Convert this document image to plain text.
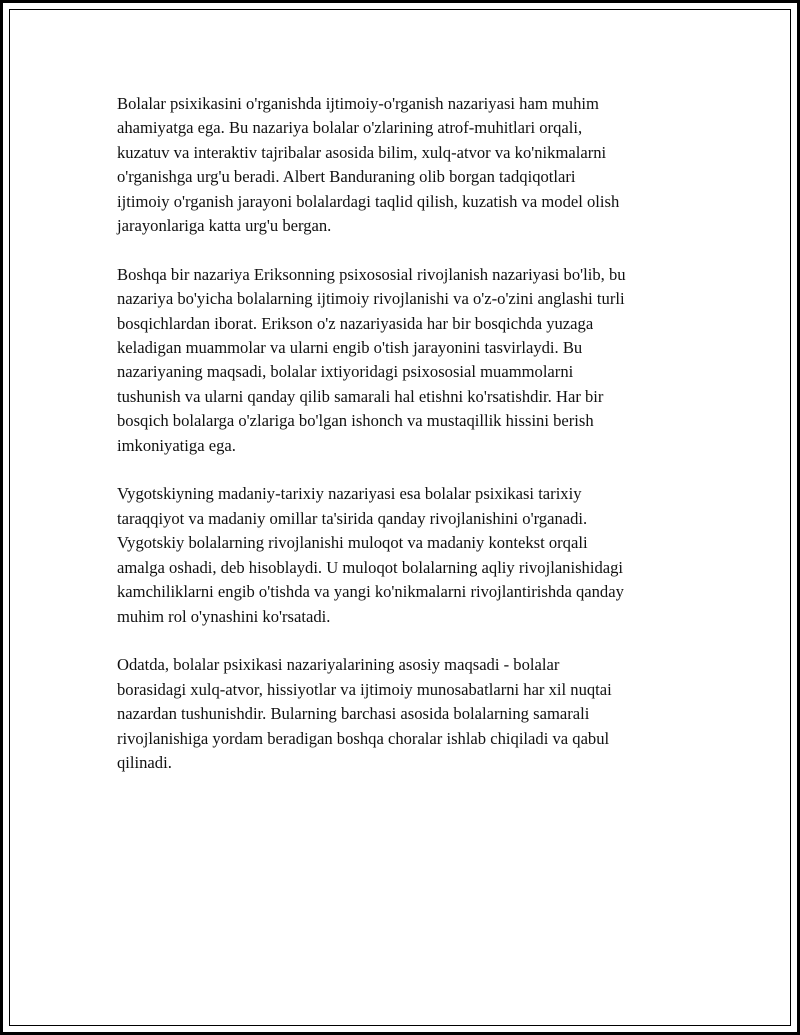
Bolalar psixikasini o'rganishda ijtimoiy-o'rganish nazariyasi ham muhim
ahamiyatga ega. Bu nazariya bolalar o'zlarining atrof-muhitlari orqali,
kuzatuv va interaktiv tajribalar asosida bilim, xulq-atvor va ko'nikmalarni
o'rganishga urg'u beradi. Albert Banduraning olib borgan tadqiqotlari
ijtimoiy o'rganish jarayoni bolalardagi taqlid qilish, kuzatish va model olish
jarayonlariga katta urg'u bergan.

Boshqa bir nazariya Eriksonning psixososial rivojlanish nazariyasi bo'lib, bu
nazariya bo'yicha bolalarning ijtimoiy rivojlanishi va o'z-o'zini anglashi turli
bosqichlardan iborat. Erikson o'z nazariyasida har bir bosqichda yuzaga
keladigan muammolar va ularni engib o'tish jarayonini tasvirlaydi. Bu
nazariyaning maqsadi, bolalar ixtiyoridagi psixososial muammolarni
tushunish va ularni qanday qilib samarali hal etishni ko'rsatishdir. Har bir
bosqich bolalarga o'zlariga bo'lgan ishonch va mustaqillik hissini berish
imkoniyatiga ega.

Vygotskiyning madaniy-tarixiy nazariyasi esa bolalar psixikasi tarixiy
taraqqiyot va madaniy omillar ta'sirida qanday rivojlanishini o'rganadi.
Vygotskiy bolalarning rivojlanishi muloqot va madaniy kontekst orqali
amalga oshadi, deb hisoblaydi. U muloqot bolalarning aqliy rivojlanishidagi
kamchiliklarni engib o'tishda va yangi ko'nikmalarni rivojlantirishda qanday
muhim rol o'ynashini ko'rsatadi.

Odatda, bolalar psixikasi nazariyalarining asosiy maqsadi - bolalar
borasidagi xulq-atvor, hissiyotlar va ijtimoiy munosabatlarni har xil nuqtai
nazardan tushunishdir. Bularning barchasi asosida bolalarning samarali
rivojlanishiga yordam beradigan boshqa choralar ishlab chiqiladi va qabul
qilinadi.
